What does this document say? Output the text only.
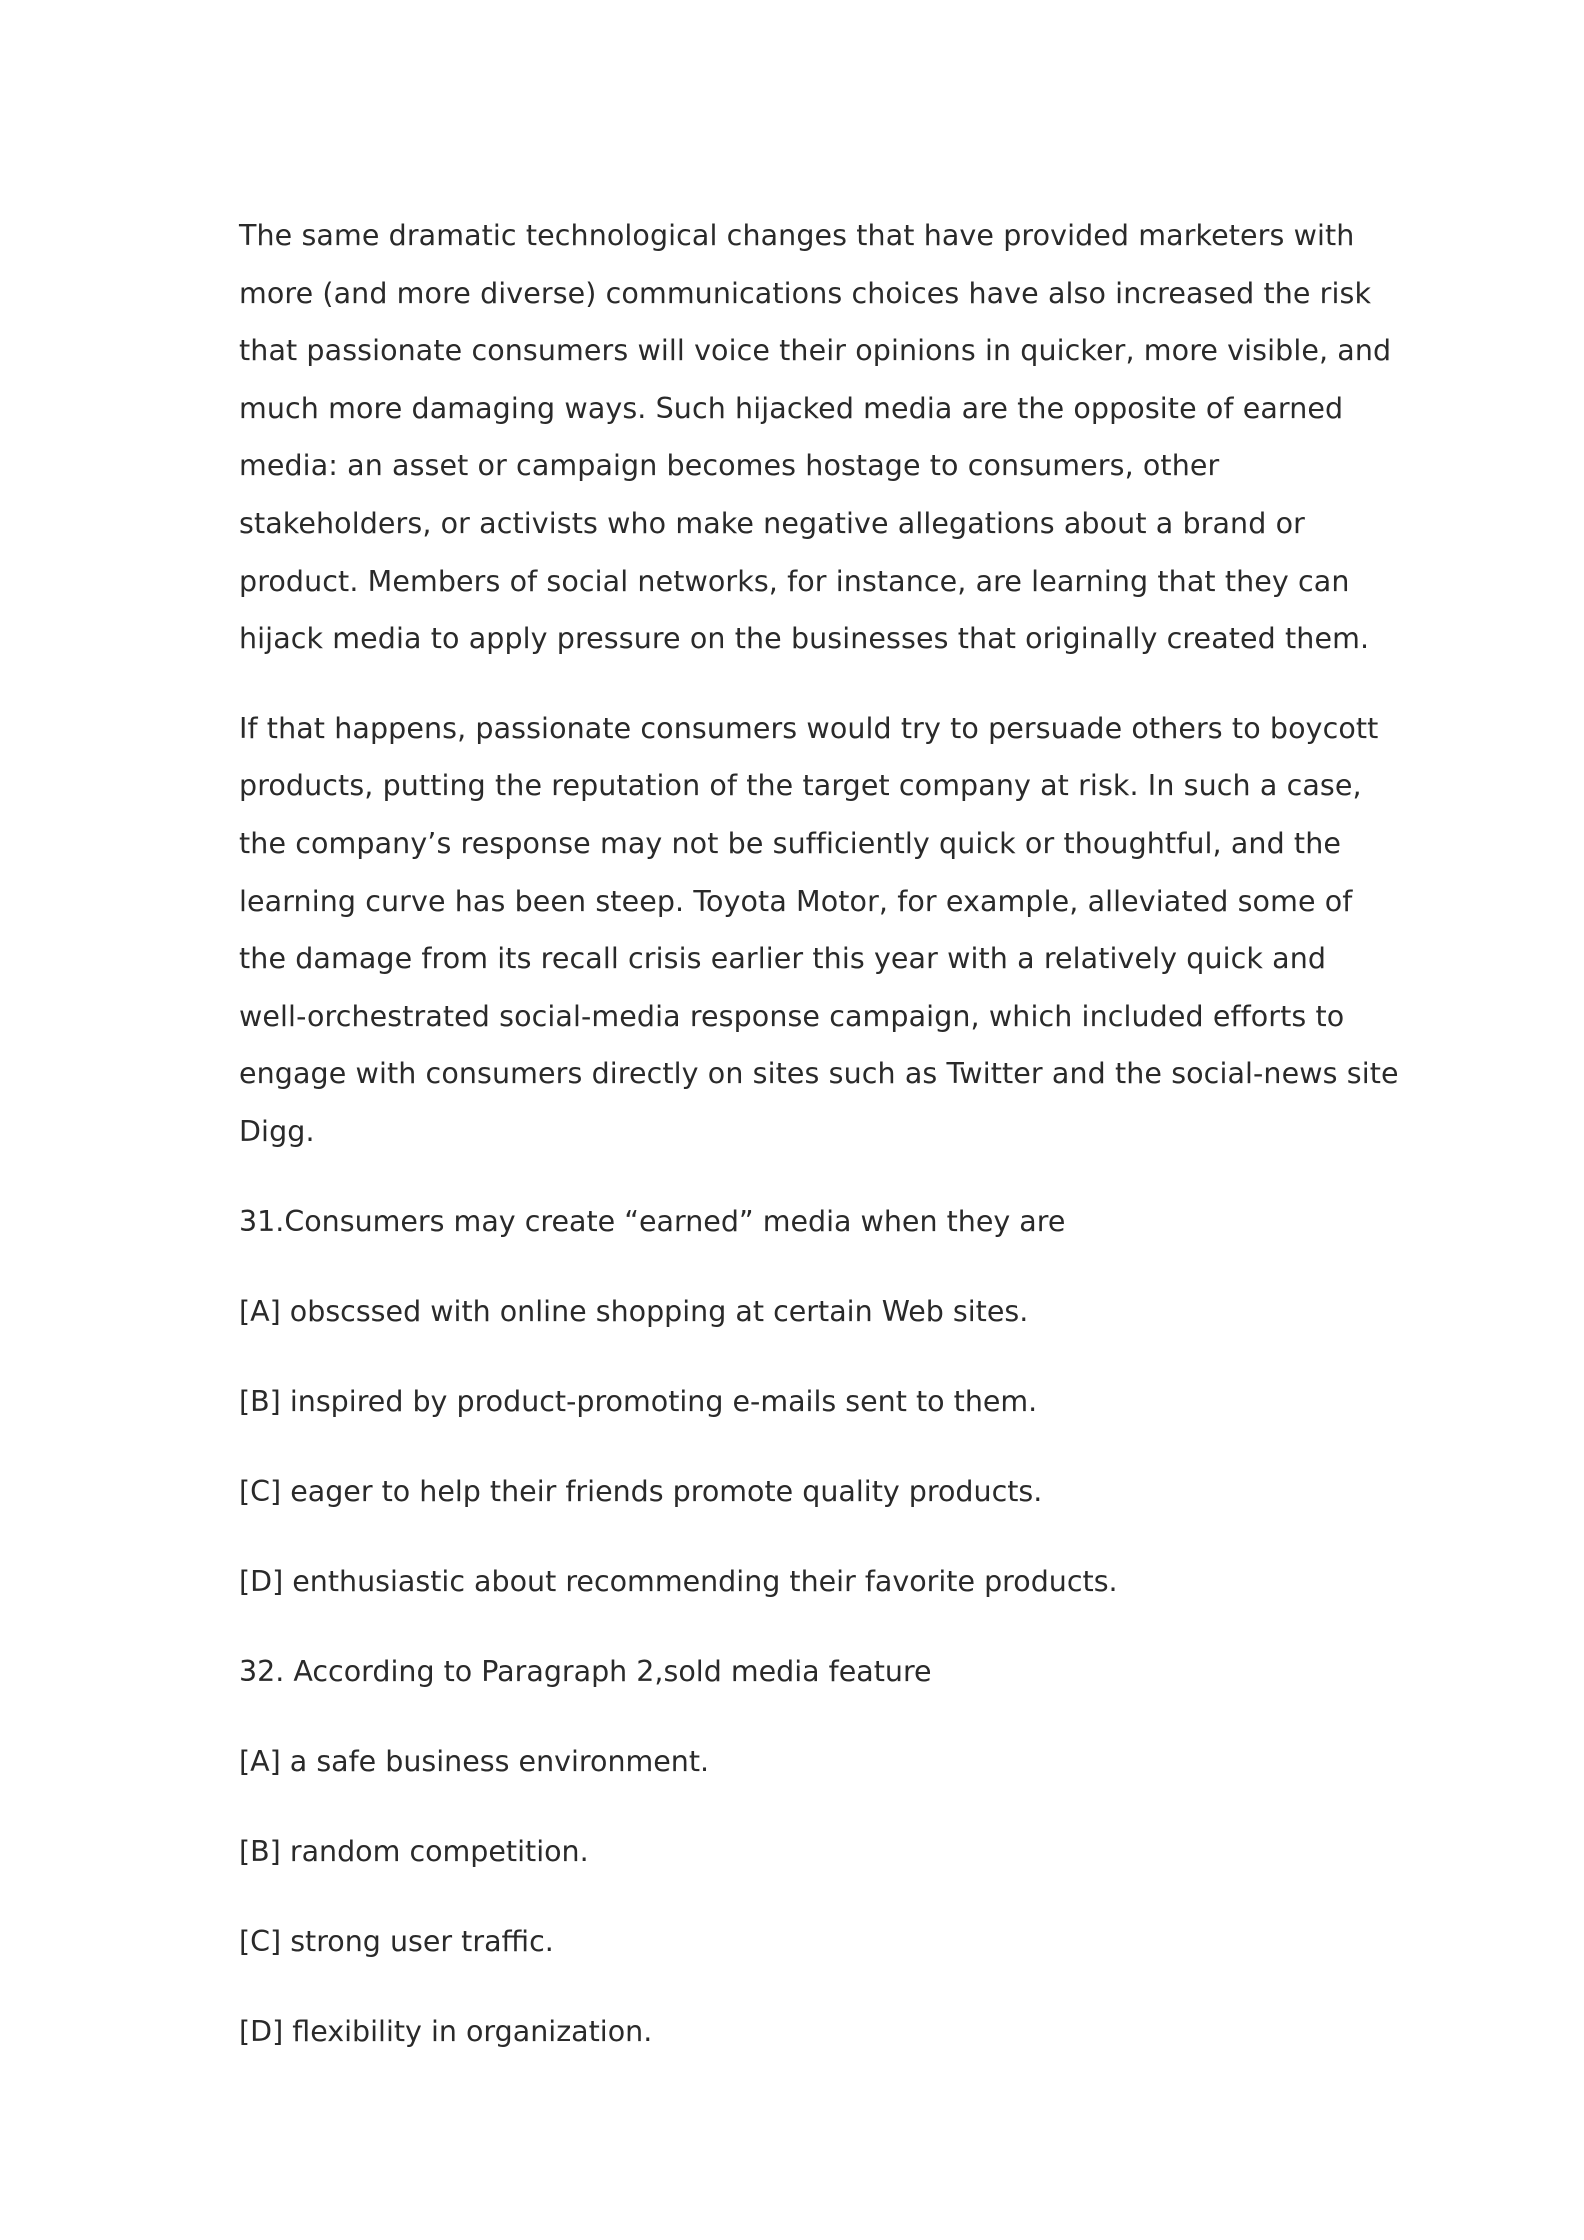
The same dramatic technological changes that have provided marketers with
more (and more diverse) communications choices have also increased the risk
that passionate consumers will voice their opinions in quicker, more visible, and
much more damaging ways. Such hijacked media are the opposite of earned
media: an asset or campaign becomes hostage to consumers, other
stakeholders, or activists who make negative allegations about a brand or
product. Members of social networks, for instance, are learning that they can
hijack media to apply pressure on the businesses that originally created them.

If that happens, passionate consumers would try to persuade others to boycott
products, putting the reputation of the target company at risk. In such a case,
the company’s response may not be sufficiently quick or thoughtful, and the
learning curve has been steep. Toyota Motor, for example, alleviated some of
the damage from its recall crisis earlier this year with a relatively quick and
well-orchestrated social-media response campaign, which included efforts to
engage with consumers directly on sites such as Twitter and the social-news site
Digg.

31.Consumers may create “earned” media when they are

[A] obscssed with online shopping at certain Web sites.

[B] inspired by product-promoting e-mails sent to them.

[C] eager to help their friends promote quality products.

[D] enthusiastic about recommending their favorite products.

32. According to Paragraph 2,sold media feature

[A] a safe business environment.

[B] random competition.

[C] strong user traffic.

[D] flexibility in organization.
